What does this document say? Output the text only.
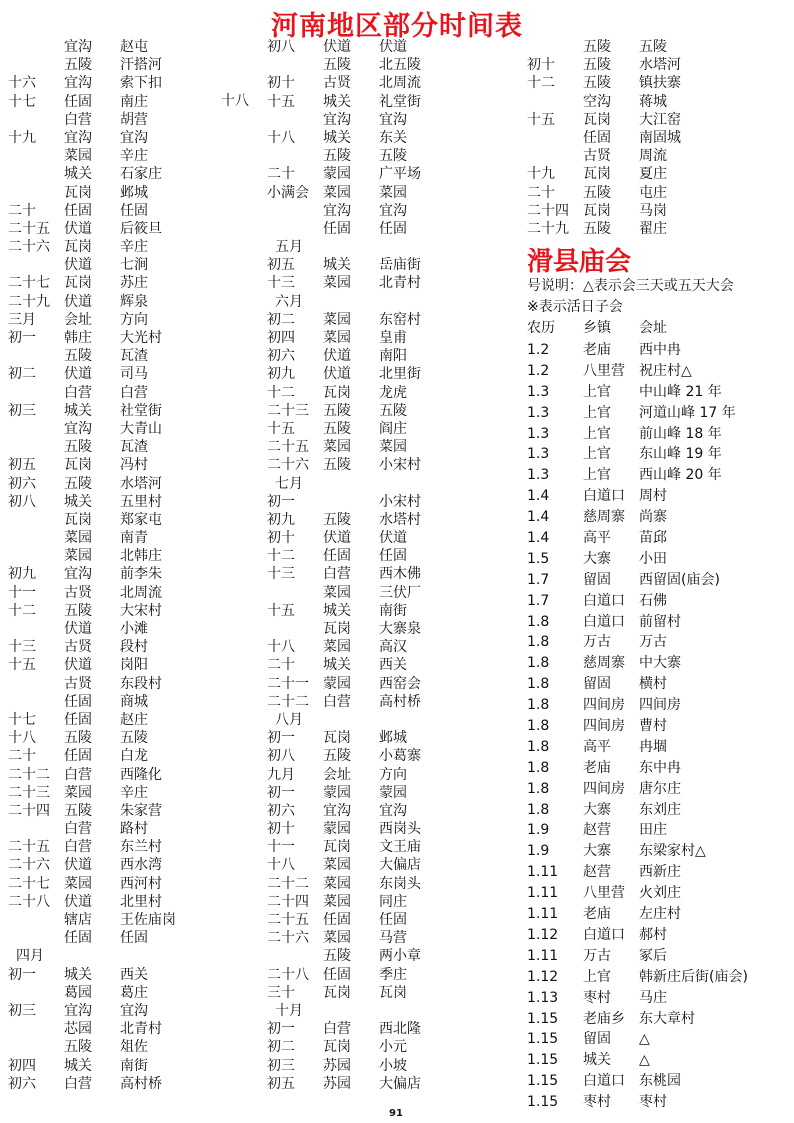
河南地区部分时间表
十八
宜沟 赵屯
五陵 汗搭河
十六 宜沟 索下扣
十七 任固 南庄
白营 胡营
十九 宜沟 宜沟
菜园 辛庄
城关 石家庄
瓦岗 邺城
二十 任固 任固
二十五 伏道 后筱旦
二十六 瓦岗 辛庄
伏道 七涧
二十七 瓦岗 苏庄
二十九 伏道 辉泉
三月 会址 方向
初一 韩庄 大光村
五陵 瓦渣
初二 伏道 司马
白营 白营
初三 城关 社堂街
宜沟 大青山
五陵 瓦渣
初五 瓦岗 冯村
初六 五陵 水塔河
初八 城关 五里村
瓦岗 郑家屯
菜园 南青
菜园 北韩庄
初九 宜沟 前李朱
十一 古贤 北周流
十二 五陵 大宋村
伏道 小滩
十三 古贤 段村
十五 伏道 岗阳
古贤 东段村
任固 商城
十七 任固 赵庄
十八 五陵 五陵
二十 任固 白龙
二十二 白营 西隆化
二十三 菜园 辛庄
二十四 五陵 朱家营
白营 路村
二十五 白营 东兰村
二十六 伏道 西水湾
二十七 菜园 西河村
二十八 伏道 北里村
辖店 王佐庙岗
任固 任固
四月
初一 城关 西关
葛园 葛庄
初三 宜沟 宜沟
芯园 北青村
五陵 俎佐
初四 城关 南街
初六 白营 高村桥
初八 伏道 伏道
五陵 北五陵
初十 古贤 北周流
十五 城关 礼堂街
宜沟 宜沟
十八 城关 东关
五陵 五陵
二十 蒙园 广平场
小满会 菜园 菜园
宜沟 宜沟
任固 任固
五月
初五 城关 岳庙街
十三 菜园 北青村
六月
初二 菜园 东窑村
初四 菜园 皇甫
初六 伏道 南阳
初九 伏道 北里街
十二 瓦岗 龙虎
二十三 五陵 五陵
十五 五陵 阎庄
二十五 菜园 菜园
二十六 五陵 小宋村
七月
初一	小宋村
初九 五陵 水塔村
初十 伏道 伏道
十二 任固 任固
十三 白营 西木佛
菜园 三伏厂
十五 城关 南街
瓦岗 大寨泉
十八 菜园 高汉
二十 城关 西关
二十一 蒙园 西窑会
二十二 白营 高村桥
八月
初一 瓦岗 邺城
初八 五陵 小葛寨
九月 会址 方向
初一 蒙园 蒙园
初六 宜沟 宜沟
初十 蒙园 西岗头
十一 瓦岗 文王庙
十八 菜园 大偏店
二十二 菜园 东岗头
二十四 菜园 同庄
二十五 任固 任固
二十六 菜园 马营
五陵 两小章
二十八 任固 季庄
三十 瓦岗 瓦岗
十月
初一 白营 西北隆
初二 瓦岗 小元
初三 苏园 小坡
初五 苏园 大偏店
五陵 五陵
初十 五陵 水塔河
十二 五陵 镇扶寨
空沟 蒋城
十五 瓦岗 大江窑
任固 南固城
古贤 周流
十九 瓦岗 夏庄
二十 五陵 屯庄
二十四 瓦岗 马岗
二十九 五陵 翟庄
滑县庙会
号说明：△表示会三天或五天大会
※表示活日子会
农历 乡镇 会址
1.2 老庙 西中冉
1.2 八里营 祝庄村△
1.3 上官 中山峰 21 年
1.3 上官 河道山峰 17 年
1.3 上官 前山峰 18 年
1.3 上官 东山峰 19 年
1.3 上官 西山峰 20 年
1.4 白道口 周村
1.4 慈周寨 尚寨
1.4 高平 苗邱
1.5 大寨 小田
1.7 留固 西留固(庙会)
1.7 白道口 石佛
1.8 白道口 前留村
1.8 万古 万古
1.8 慈周寨 中大寨
1.8 留固 横村
1.8 四间房 四间房
1.8 四间房 曹村
1.8 高平 冉堌
1.8 老庙 东中冉
1.8 四间房 唐尔庄
1.8 大寨 东刘庄
1.9 赵营 田庄
1.9 大寨 东梁家村△
1.11 赵营 西新庄
1.11 八里营 火刘庄
1.11 老庙 左庄村
1.12 白道口 郝村
1.11 万古 冢后
1.12 上官 韩新庄后街(庙会)
1.13 枣村 马庄
1.15 老庙乡 东大章村
1.15 留固 △
1.15 城关 △
1.15 白道口 东桃园
1.15 枣村 枣村
91
